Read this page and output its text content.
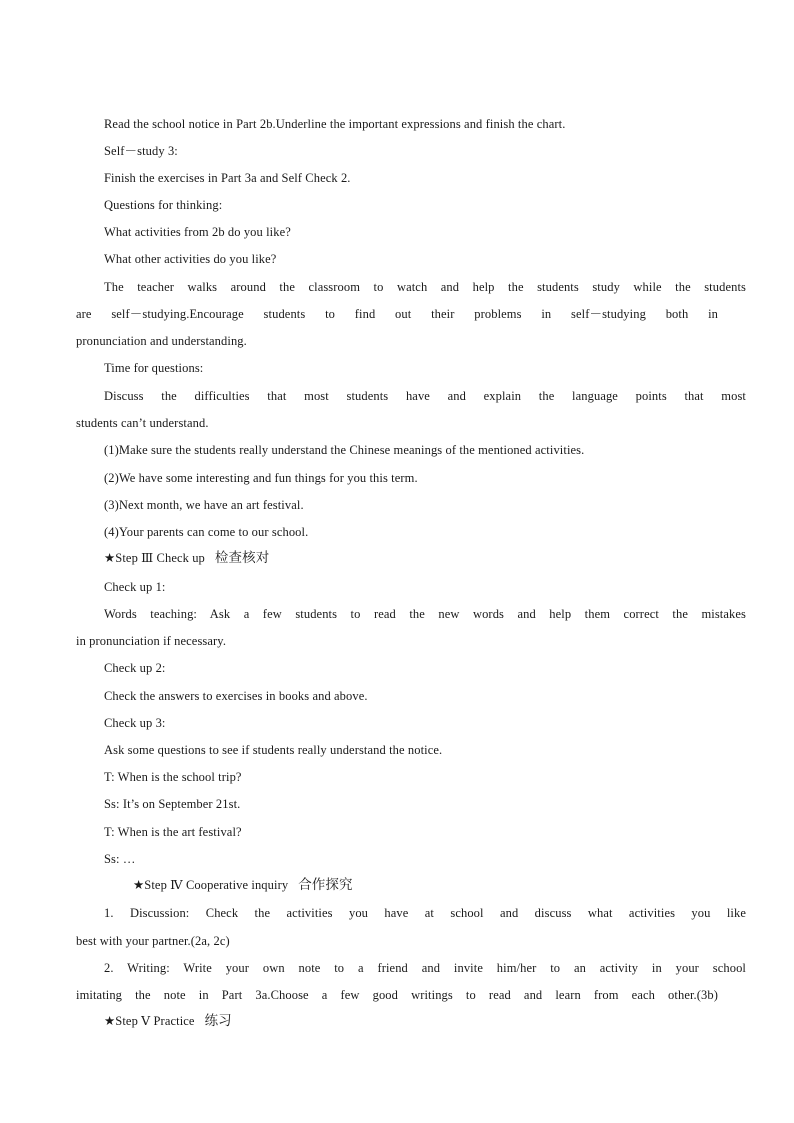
Read the school notice in Part 2b.Underline the important expressions and finish the chart.
Self－study 3:
Finish the exercises in Part 3a and Self Check 2.
Questions for thinking:
What activities from 2b do you like?
What other activities do you like?
The teacher walks around the classroom to watch and help the students study while the students
are self－studying.Encourage students to find out their problems in self－studying both in
pronunciation and understanding.
Time for questions:
Discuss the difficulties that most students have and explain the language points that most
students can’t understand.
(1)Make sure the students really understand the Chinese meanings of the mentioned activities.
(2)We have some interesting and fun things for you this term.
(3)Next month, we have an art festival.
(4)Your parents can come to our school.
★Step Ⅲ Check up 检查核对
Check up 1:
Words teaching: Ask a few students to read the new words and help them correct the mistakes
in pronunciation if necessary.
Check up 2:
Check the answers to exercises in books and above.
Check up 3:
Ask some questions to see if students really understand the notice.
T: When is the school trip?
Ss: It’s on September 21st.
T: When is the art festival?
Ss: …
★Step Ⅳ Cooperative inquiry 合作探究
1. Discussion: Check the activities you have at school and discuss what activities you like
best with your partner.(2a, 2c)
2. Writing: Write your own note to a friend and invite him/her to an activity in your school
imitating the note in Part 3a.Choose a few good writings to read and learn from each other.(3b)
★Step Ⅴ Practice 练习
